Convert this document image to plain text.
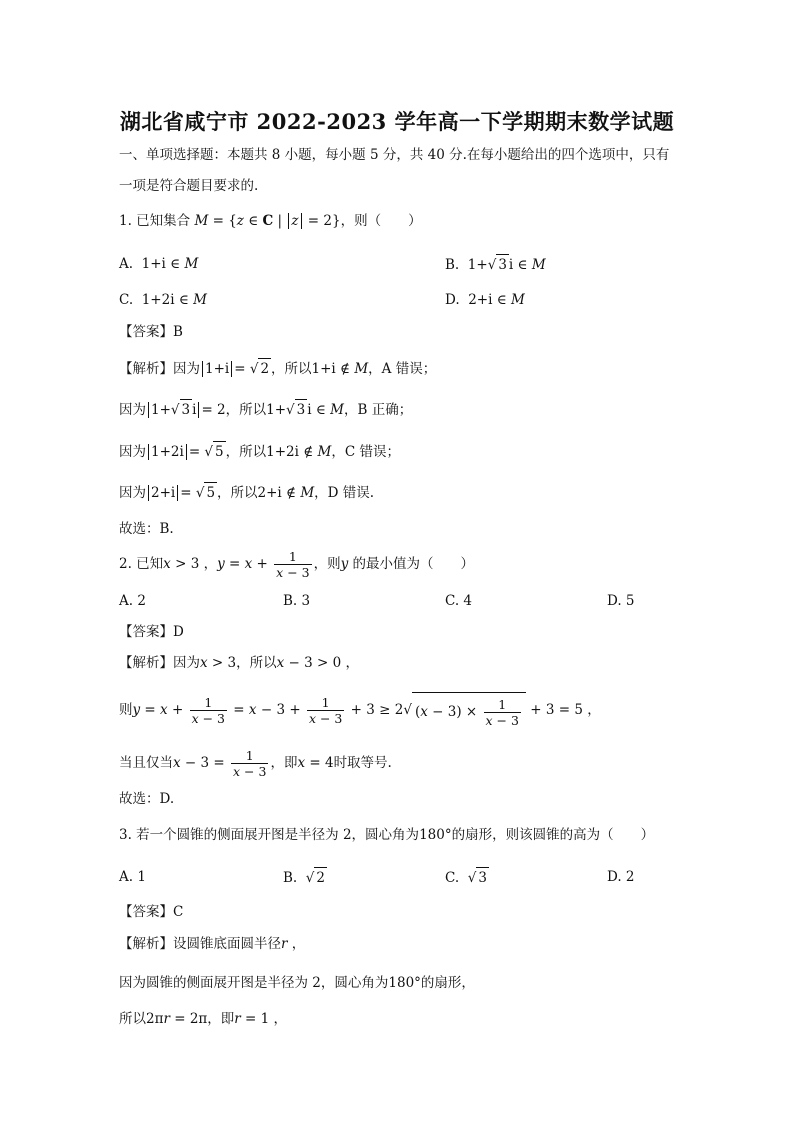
湖北省咸宁市 2022-2023 学年高一下学期期末数学试题
一、单项选择题：本题共 8 小题，每小题 5 分，共 40 分.在每小题给出的四个选项中，只有
一项是符合题目要求的.
1. 已知集合 M = {z ∈ C | z = 2}，则（　　）
A.  1+i ∈ M	B.  1+√ 3 i ∈ M
C.  1+2i ∈ M	D.  2+i ∈ M
【答案】B
【解析】因为 1+i = √ 2 ，所以1+i ∉ M，A 错误；
因为 1+√ 3 i = 2，所以1+√ 3 i ∈ M，B 正确；
因为 1+2i = √ 5 ，所以1+2i ∉ M，C 错误；
因为 2+i = √ 5 ，所以2+i ∉ M，D 错误.
故选：B.
2. 已知x > 3 ，$y = x + \frac{1}{x - 3}$ ，则y 的最小值为（　　）
A. 2	B. 3	C. 4	D. 5
【答案】D
【解析】因为x > 3，所以x − 3 > 0 ，
则$y = x + \frac{1}{x - 3} = x - 3 + \frac{1}{x - 3} + 3 \ge 2√$ $(x - 3) \times \frac{1}{x - 3} + 3 = 5$ ，
当且仅当$x - 3 = \frac{1}{x - 3}$ ，即x = 4时取等号.
故选：D.
3. 若一个圆锥的侧面展开图是半径为 2，圆心角为180°的扇形，则该圆锥的高为（　　）
A. 1	B.  √ 2	C.  √ 3	D. 2
【答案】C
【解析】设圆锥底面圆半径r ，
因为圆锥的侧面展开图是半径为 2，圆心角为180°的扇形，
所以2πr = 2π，即r = 1 ，
